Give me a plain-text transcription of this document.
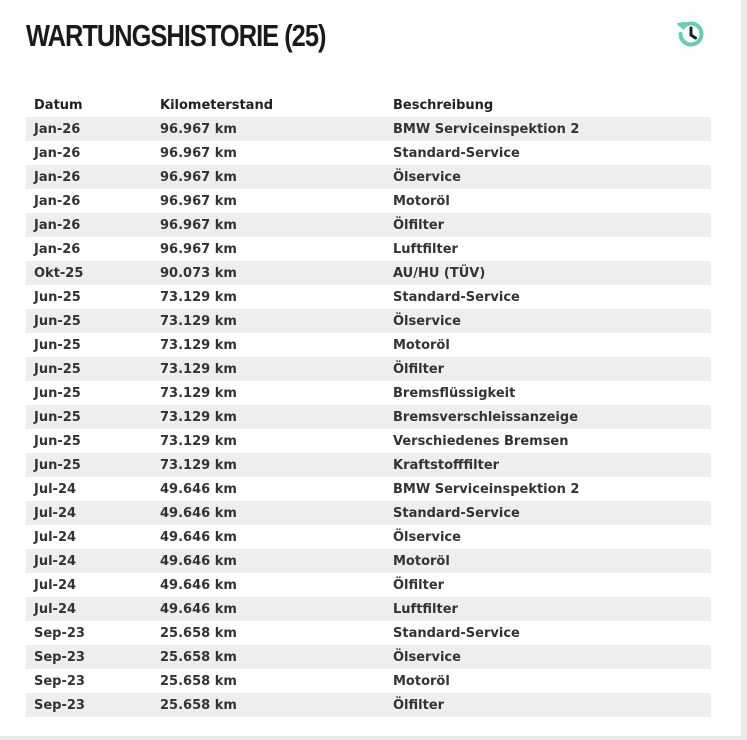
WARTUNGSHISTORIE (25)
Datum	Kilometerstand	Beschreibung
Jan-26	96.967 km	BMW Serviceinspektion 2
Jan-26	96.967 km	Standard-Service
Jan-26	96.967 km	Ölservice
Jan-26	96.967 km	Motoröl
Jan-26	96.967 km	Ölfilter
Jan-26	96.967 km	Luftfilter
Okt-25	90.073 km	AU/HU (TÜV)
Jun-25	73.129 km	Standard-Service
Jun-25	73.129 km	Ölservice
Jun-25	73.129 km	Motoröl
Jun-25	73.129 km	Ölfilter
Jun-25	73.129 km	Bremsflüssigkeit
Jun-25	73.129 km	Bremsverschleissanzeige
Jun-25	73.129 km	Verschiedenes Bremsen
Jun-25	73.129 km	Kraftstofffilter
Jul-24	49.646 km	BMW Serviceinspektion 2
Jul-24	49.646 km	Standard-Service
Jul-24	49.646 km	Ölservice
Jul-24	49.646 km	Motoröl
Jul-24	49.646 km	Ölfilter
Jul-24	49.646 km	Luftfilter
Sep-23	25.658 km	Standard-Service
Sep-23	25.658 km	Ölservice
Sep-23	25.658 km	Motoröl
Sep-23	25.658 km	Ölfilter
